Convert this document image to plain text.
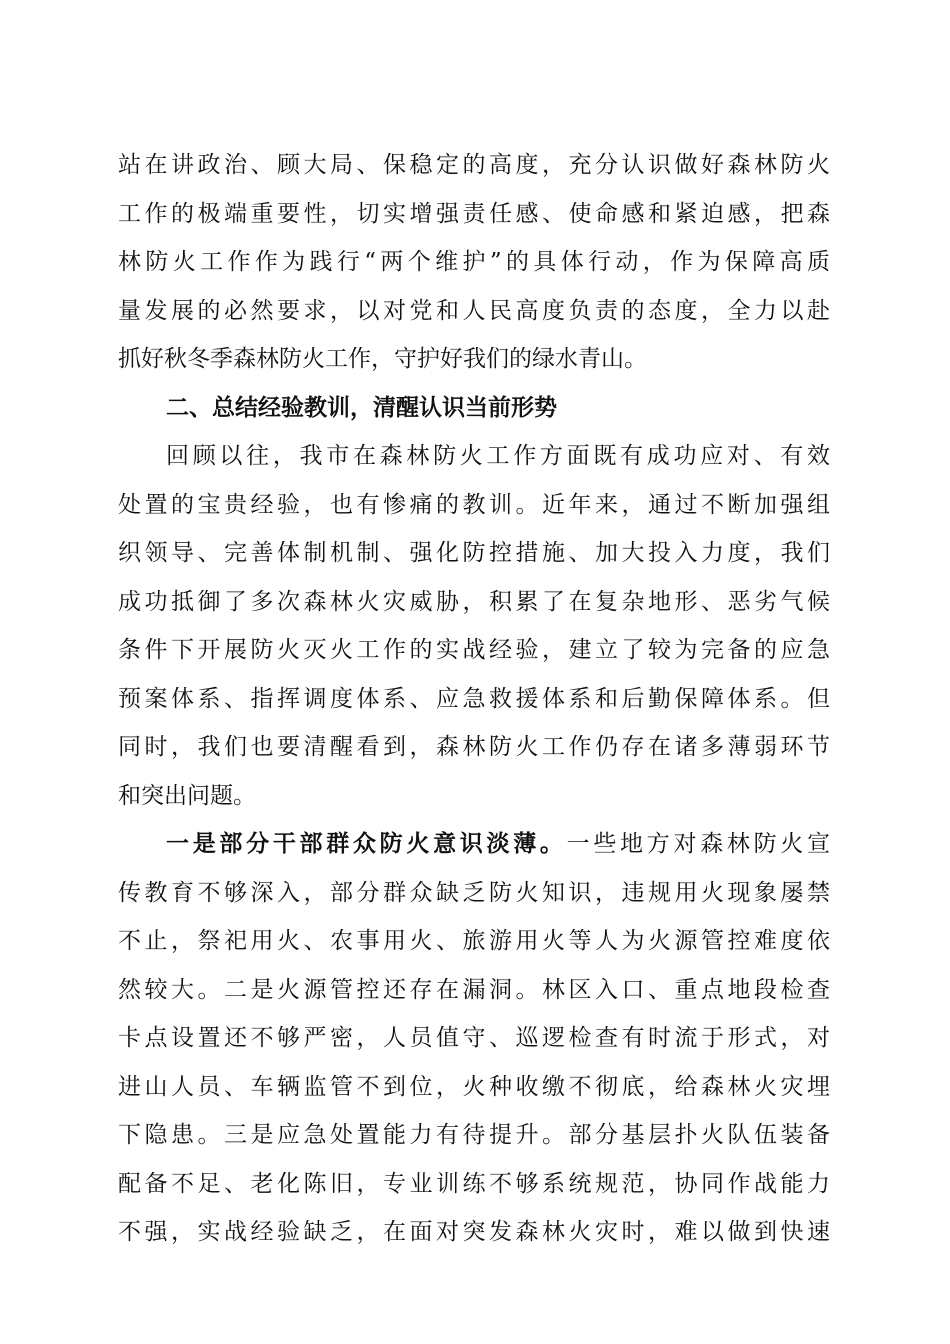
站在讲政治、顾大局、保稳定的高度，充分认识做好森林防火
工作的极端重要性，切实增强责任感、使命感和紧迫感，把森
林防火工作作为践行“两个维护”的具体行动，作为保障高质
量发展的必然要求，以对党和人民高度负责的态度，全力以赴
抓好秋冬季森林防火工作，守护好我们的绿水青山。
二、总结经验教训，清醒认识当前形势
回顾以往，我市在森林防火工作方面既有成功应对、有效
处置的宝贵经验，也有惨痛的教训。近年来，通过不断加强组
织领导、完善体制机制、强化防控措施、加大投入力度，我们
成功抵御了多次森林火灾威胁，积累了在复杂地形、恶劣气候
条件下开展防火灭火工作的实战经验，建立了较为完备的应急
预案体系、指挥调度体系、应急救援体系和后勤保障体系。但
同时，我们也要清醒看到，森林防火工作仍存在诸多薄弱环节
和突出问题。
一是部分干部群众防火意识淡薄。一些地方对森林防火宣
传教育不够深入，部分群众缺乏防火知识，违规用火现象屡禁
不止，祭祀用火、农事用火、旅游用火等人为火源管控难度依
然较大。二是火源管控还存在漏洞。林区入口、重点地段检查
卡点设置还不够严密，人员值守、巡逻检查有时流于形式，对
进山人员、车辆监管不到位，火种收缴不彻底，给森林火灾埋
下隐患。三是应急处置能力有待提升。部分基层扑火队伍装备
配备不足、老化陈旧，专业训练不够系统规范，协同作战能力
不强，实战经验缺乏，在面对突发森林火灾时，难以做到快速
